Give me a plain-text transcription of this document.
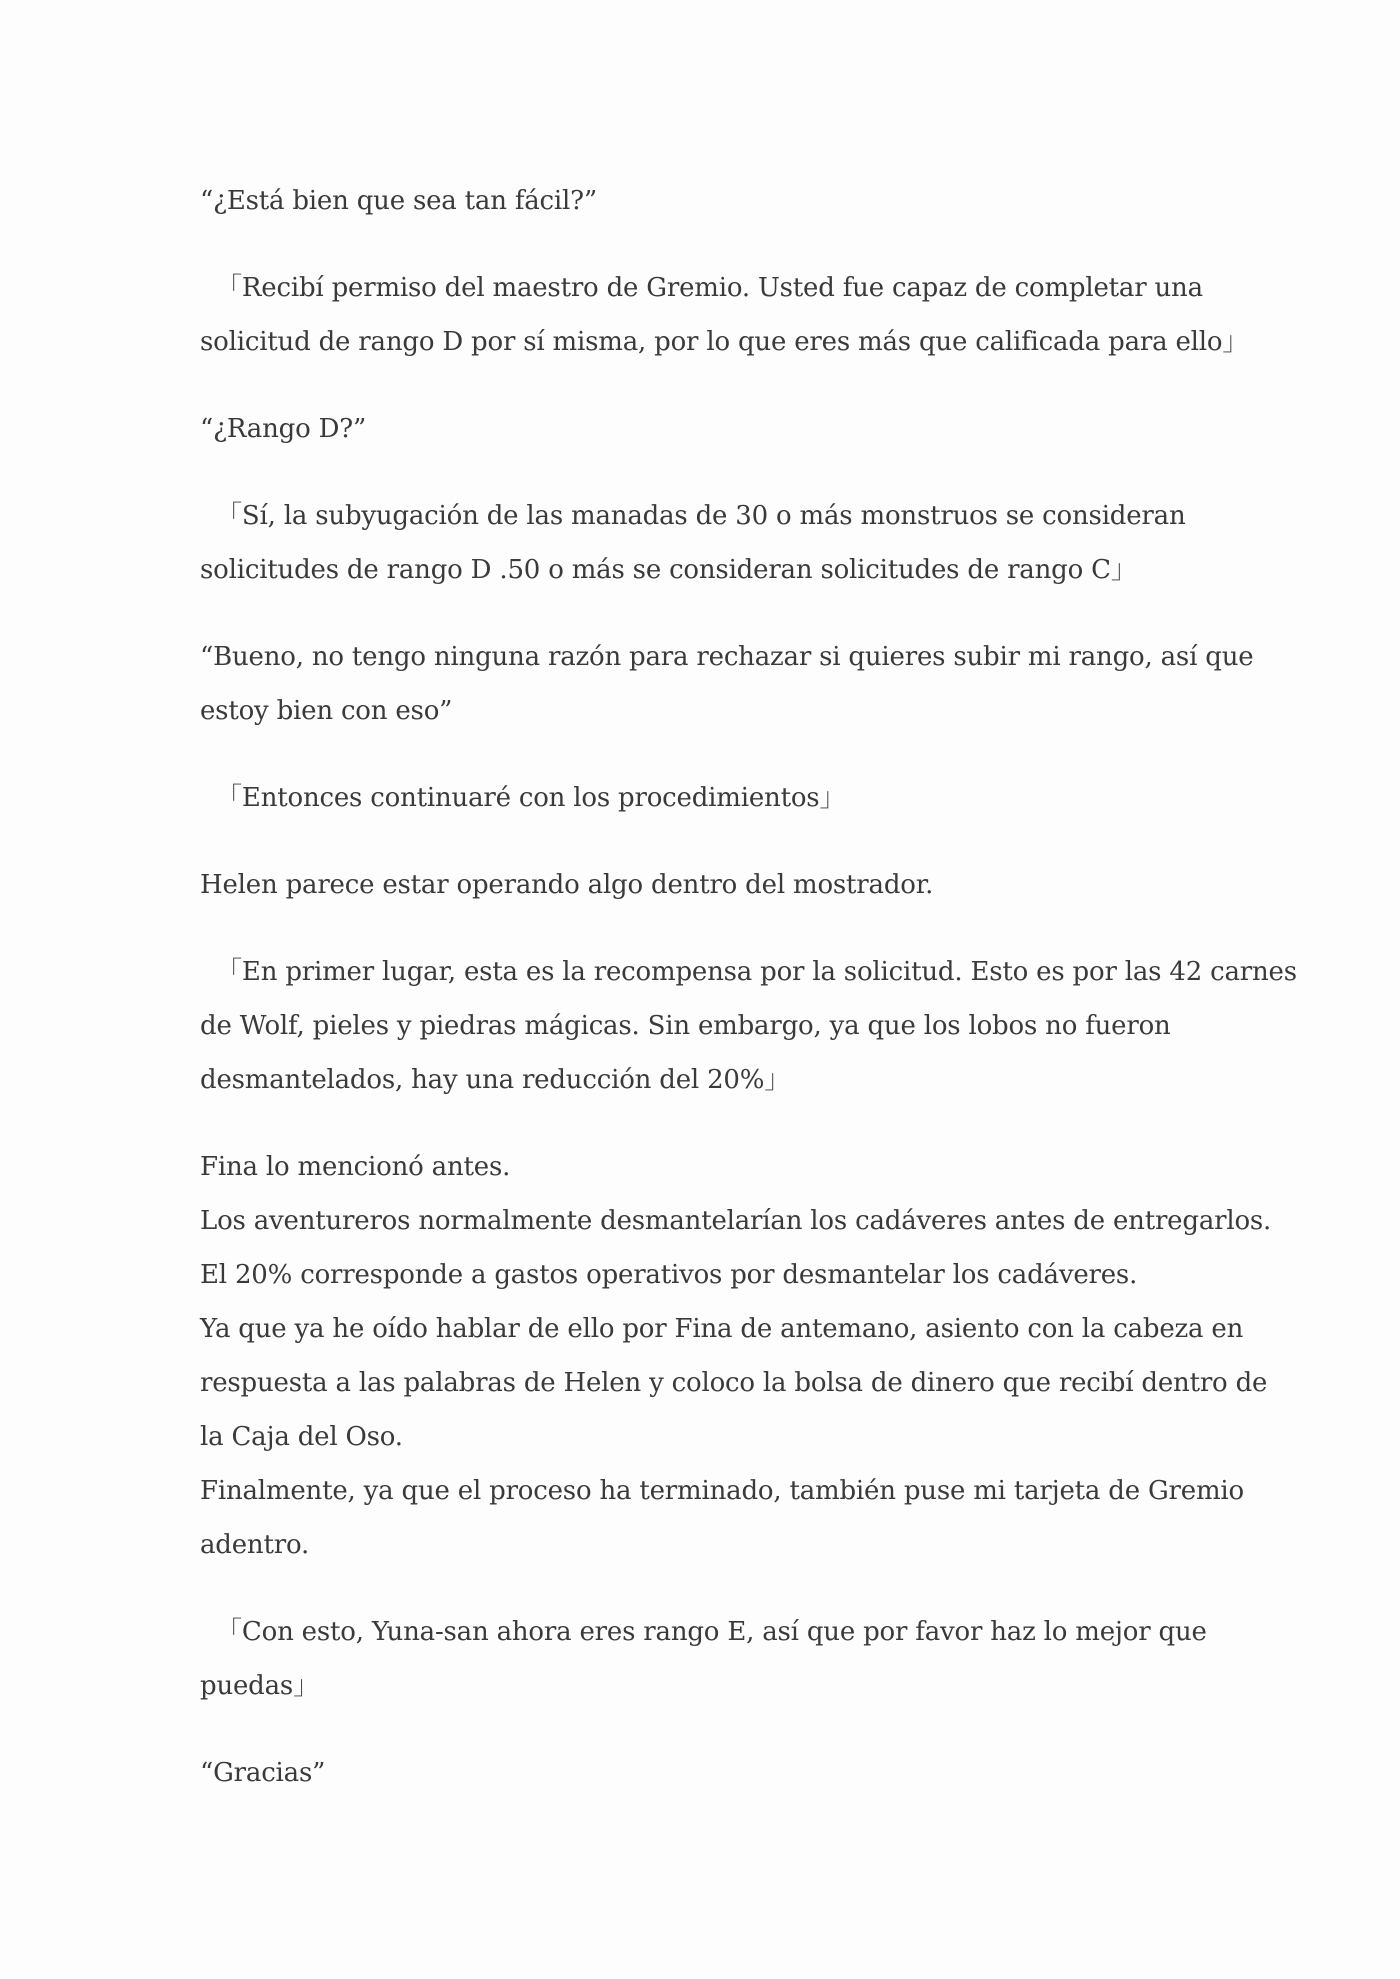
“¿Está bien que sea tan fácil?”

「Recibí permiso del maestro de Gremio. Usted fue capaz de completar una
solicitud de rango D por sí misma, por lo que eres más que calificada para ello」

“¿Rango D?”

「Sí, la subyugación de las manadas de 30 o más monstruos se consideran
solicitudes de rango D .50 o más se consideran solicitudes de rango C」

“Bueno, no tengo ninguna razón para rechazar si quieres subir mi rango, así que
estoy bien con eso”

「Entonces continuaré con los procedimientos」

Helen parece estar operando algo dentro del mostrador.

「En primer lugar, esta es la recompensa por la solicitud. Esto es por las 42 carnes
de Wolf, pieles y piedras mágicas. Sin embargo, ya que los lobos no fueron
desmantelados, hay una reducción del 20%」

Fina lo mencionó antes.
Los aventureros normalmente desmantelarían los cadáveres antes de entregarlos.
El 20% corresponde a gastos operativos por desmantelar los cadáveres.
Ya que ya he oído hablar de ello por Fina de antemano, asiento con la cabeza en
respuesta a las palabras de Helen y coloco la bolsa de dinero que recibí dentro de
la Caja del Oso.
Finalmente, ya que el proceso ha terminado, también puse mi tarjeta de Gremio
adentro.

「Con esto, Yuna-san ahora eres rango E, así que por favor haz lo mejor que
puedas」

“Gracias”
